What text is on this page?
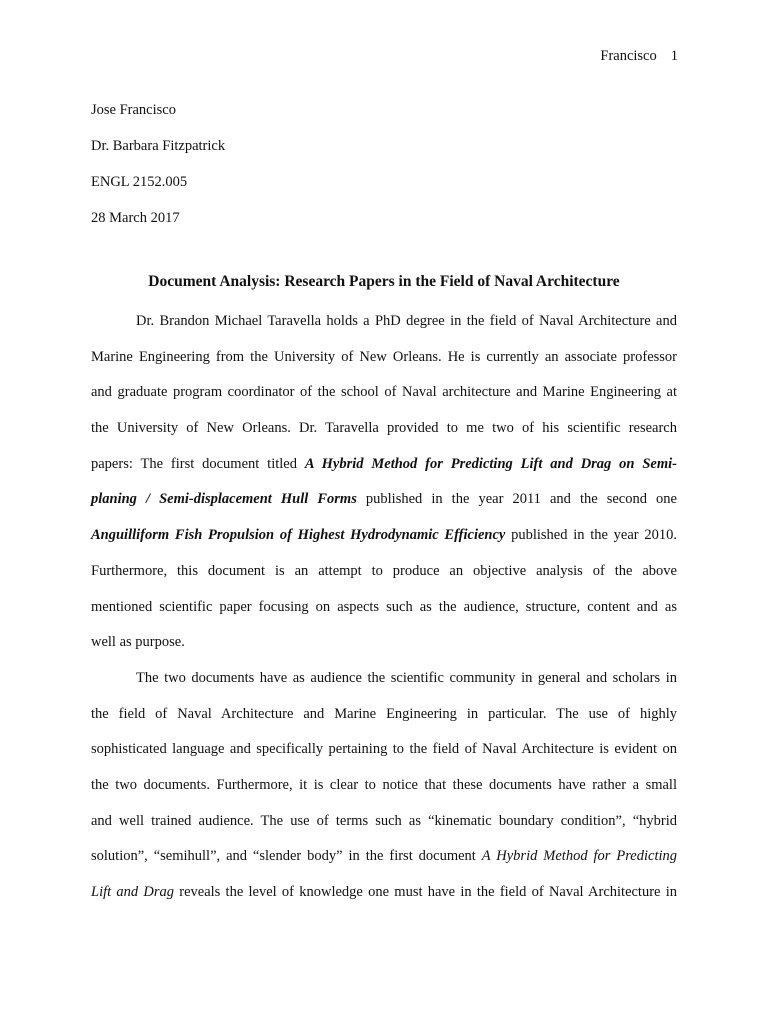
Francisco 1
Jose Francisco
Dr. Barbara Fitzpatrick
ENGL 2152.005
28 March 2017
Document Analysis: Research Papers in the Field of Naval Architecture
Dr. Brandon Michael Taravella holds a PhD degree in the field of Naval Architecture and
Marine Engineering from the University of New Orleans. He is currently an associate professor
and graduate program coordinator of the school of Naval architecture and Marine Engineering at
the University of New Orleans. Dr. Taravella provided to me two of his scientific research
papers: The first document titled A Hybrid Method for Predicting Lift and Drag on Semi-
planing / Semi-displacement Hull Forms published in the year 2011 and the second one
Anguilliform Fish Propulsion of Highest Hydrodynamic Efficiency published in the year 2010.
Furthermore, this document is an attempt to produce an objective analysis of the above
mentioned scientific paper focusing on aspects such as the audience, structure, content and as
well as purpose.
The two documents have as audience the scientific community in general and scholars in
the field of Naval Architecture and Marine Engineering in particular. The use of highly
sophisticated language and specifically pertaining to the field of Naval Architecture is evident on
the two documents. Furthermore, it is clear to notice that these documents have rather a small
and well trained audience. The use of terms such as “kinematic boundary condition”, “hybrid
solution”, “semihull”, and “slender body” in the first document A Hybrid Method for Predicting
Lift and Drag reveals the level of knowledge one must have in the field of Naval Architecture in
